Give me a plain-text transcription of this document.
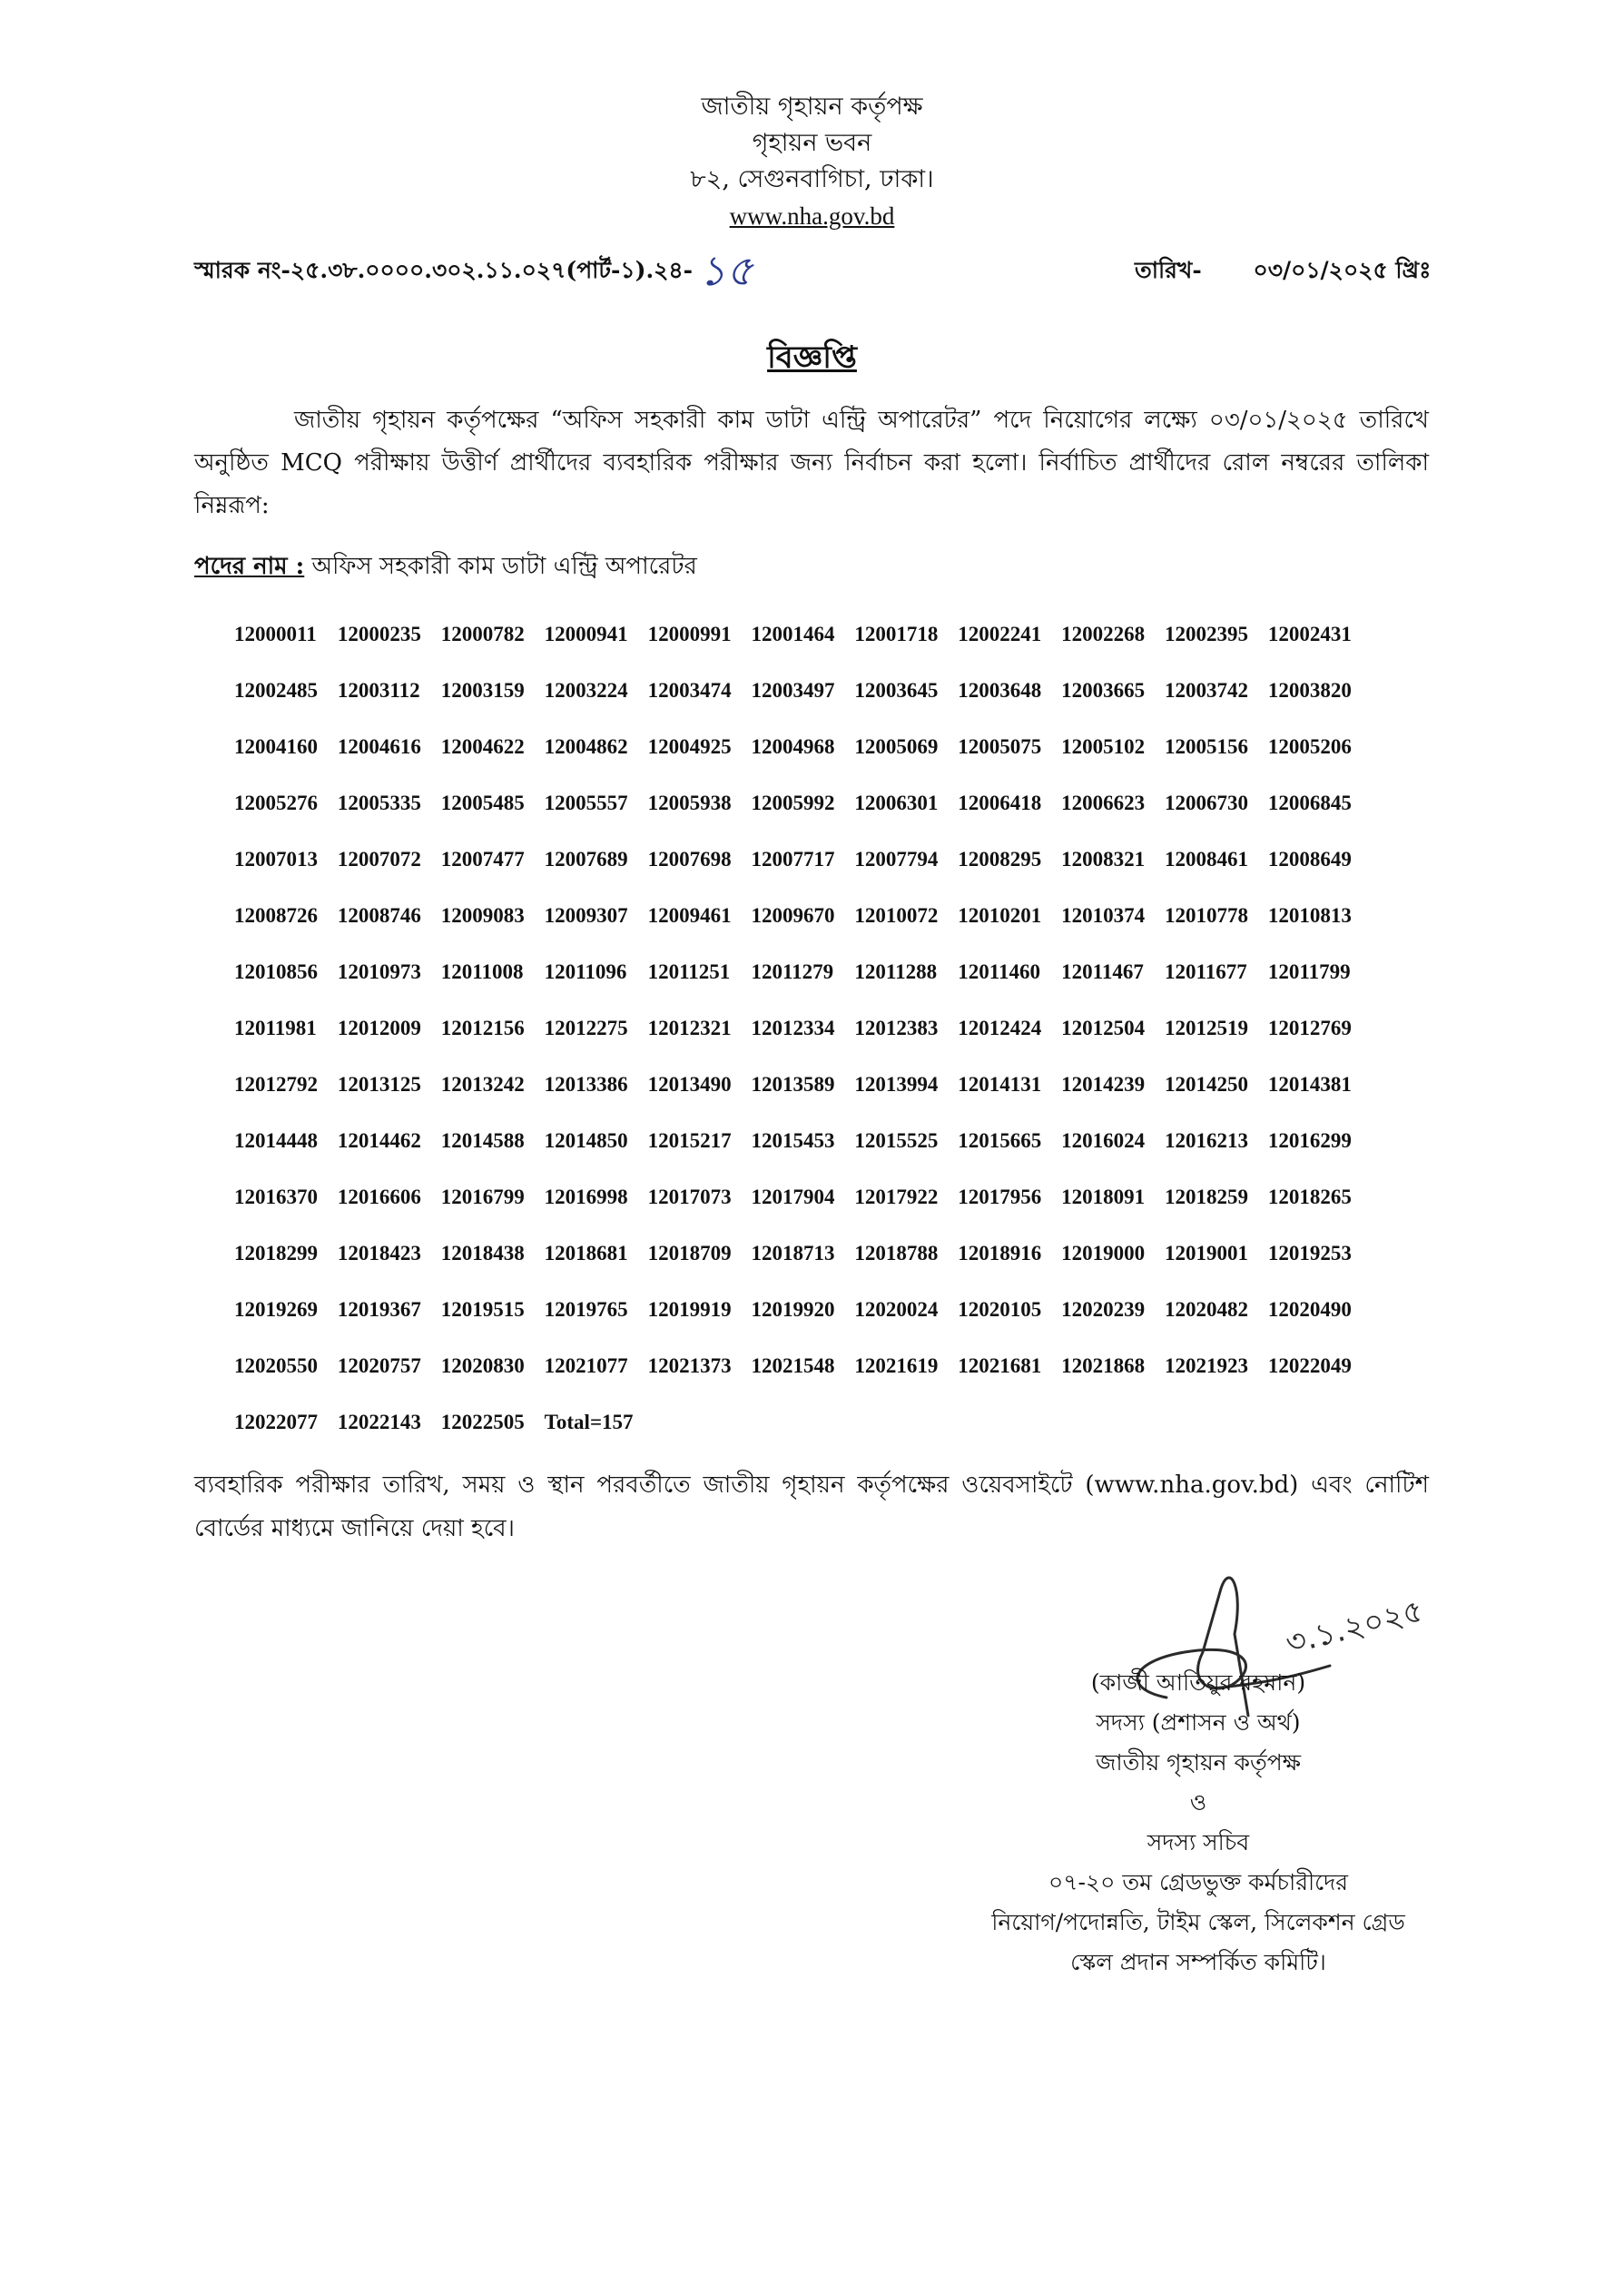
জাতীয় গৃহায়ন কর্তৃপক্ষ
গৃহায়ন ভবন
৮২, সেগুনবাগিচা, ঢাকা।
www.nha.gov.bd
স্মারক নং-২৫.৩৮.০০০০.৩০২.১১.০২৭(পার্ট-১).২৪- ১৫	তারিখ- ০৩/০১/২০২৫ খ্রিঃ
বিজ্ঞপ্তি
জাতীয় গৃহায়ন কর্তৃপক্ষের “অফিস সহকারী কাম ডাটা এন্ট্রি অপারেটর” পদে নিয়োগের লক্ষ্যে ০৩/০১/২০২৫ তারিখে অনুষ্ঠিত MCQ পরীক্ষায় উত্তীর্ণ প্রার্থীদের ব্যবহারিক পরীক্ষার জন্য নির্বাচন করা হলো। নির্বাচিত প্রার্থীদের রোল নম্বরের তালিকা নিম্নরূপ:
পদের নাম : অফিস সহকারী কাম ডাটা এন্ট্রি অপারেটর
12000011	12000235 12000782 12000941 12000991 12001464 12001718 12002241 12002268 12002395 12002431
12002485 12003112	12003159 12003224 12003474 12003497 12003645 12003648 12003665 12003742 12003820
12004160 12004616 12004622 12004862 12004925 12004968 12005069 12005075 12005102 12005156 12005206
12005276 12005335 12005485 12005557 12005938 12005992 12006301 12006418 12006623 12006730 12006845
12007013 12007072 12007477 12007689 12007698 12007717 12007794 12008295 12008321 12008461 12008649
12008726 12008746 12009083 12009307 12009461 12009670 12010072 12010201 12010374 12010778 12010813
12010856 12010973 12011008	12011096	12011251	12011279	12011288	12011460	12011467	12011677	12011799
12011981	12012009 12012156 12012275 12012321 12012334 12012383 12012424 12012504 12012519 12012769
12012792 12013125 12013242 12013386 12013490 12013589 12013994 12014131 12014239 12014250 12014381
12014448 12014462 12014588 12014850 12015217 12015453 12015525 12015665 12016024 12016213 12016299
12016370 12016606 12016799 12016998 12017073 12017904 12017922 12017956 12018091 12018259 12018265
12018299 12018423 12018438 12018681 12018709 12018713 12018788 12018916 12019000 12019001 12019253
12019269 12019367 12019515 12019765 12019919 12019920 12020024 12020105 12020239 12020482 12020490
12020550 12020757 12020830 12021077 12021373 12021548 12021619 12021681 12021868 12021923 12022049
12022077 12022143 12022505 Total=157
ব্যবহারিক পরীক্ষার তারিখ, সময় ও স্থান পরবর্তীতে জাতীয় গৃহায়ন কর্তৃপক্ষের ওয়েবসাইটে (www.nha.gov.bd) এবং নোটিশ বোর্ডের মাধ্যমে জানিয়ে দেয়া হবে।
৩.১.২০২৫
(কাজী আতিয়ুর রহমান)
সদস্য (প্রশাসন ও অর্থ)
জাতীয় গৃহায়ন কর্তৃপক্ষ
ও
সদস্য সচিব
০৭-২০ তম গ্রেডভুক্ত কর্মচারীদের
নিয়োগ/পদোন্নতি, টাইম স্কেল, সিলেকশন গ্রেড
স্কেল প্রদান সম্পর্কিত কমিটি।
